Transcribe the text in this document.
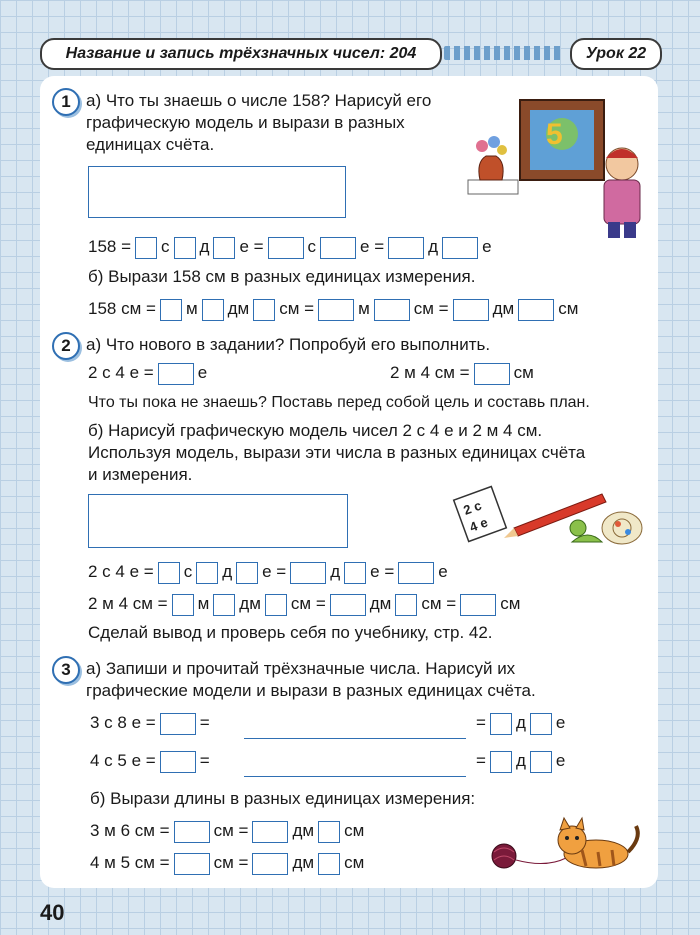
Название и запись трёхзначных чисел: 204	Урок 22
1 а) Что ты знаешь о числе 158? Нарисуй его
графическую модель и вырази в разных
единицах счёта.	5
158 = с д е =	с	е =	д	е
б) Вырази 158 см в разных единицах измерения.
158 см = м дм см =	м	см =	дм	см
2 а) Что нового в задании? Попробуй его выполнить.
2 с 4 е =	е	2 м 4 см =	см
Что ты пока не знаешь? Поставь перед собой цель и составь план.
б) Нарисуй графическую модель чисел 2 с 4 е и 2 м 4 см.
Используя модель, вырази эти числа в разных единицах счёта
и измерения.
2 с
4 е
2 с 4 е = с д е =	д е =	е
2 м 4 см = м дм см =	дм см =	см
Сделай вывод и проверь себя по учебнику, стр. 42.
3 а) Запиши и прочитай трёхзначные числа. Нарисуй их
графические модели и вырази в разных единицах счёта.
3 с 8 е =	=	= д е
4 с 5 е =	=	= д е
б) Вырази длины в разных единицах измерения:
3 м 6 см =	см =	дм см
4 м 5 см =	см =	дм см
40
